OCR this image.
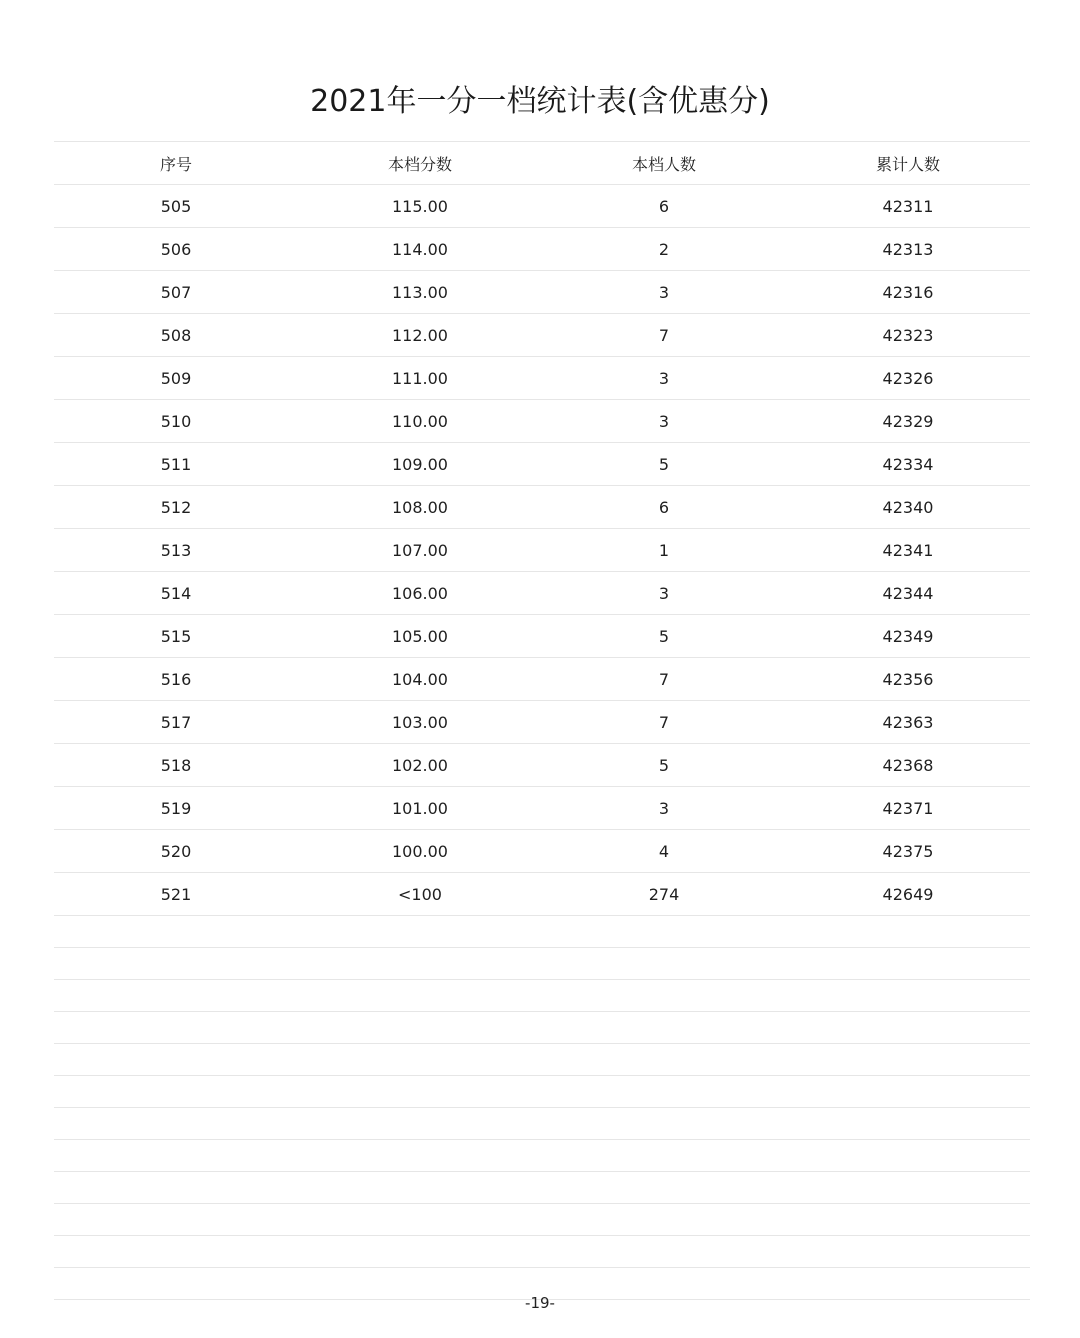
2021年一分一档统计表(含优惠分)
序号	本档分数	本档人数	累计人数
505	115.00	6	42311
506	114.00	2	42313
507	113.00	3	42316
508	112.00	7	42323
509	111.00	3	42326
510	110.00	3	42329
511	109.00	5	42334
512	108.00	6	42340
513	107.00	1	42341
514	106.00	3	42344
515	105.00	5	42349
516	104.00	7	42356
517	103.00	7	42363
518	102.00	5	42368
519	101.00	3	42371
520	100.00	4	42375
521	<100	274	42649
-19-
